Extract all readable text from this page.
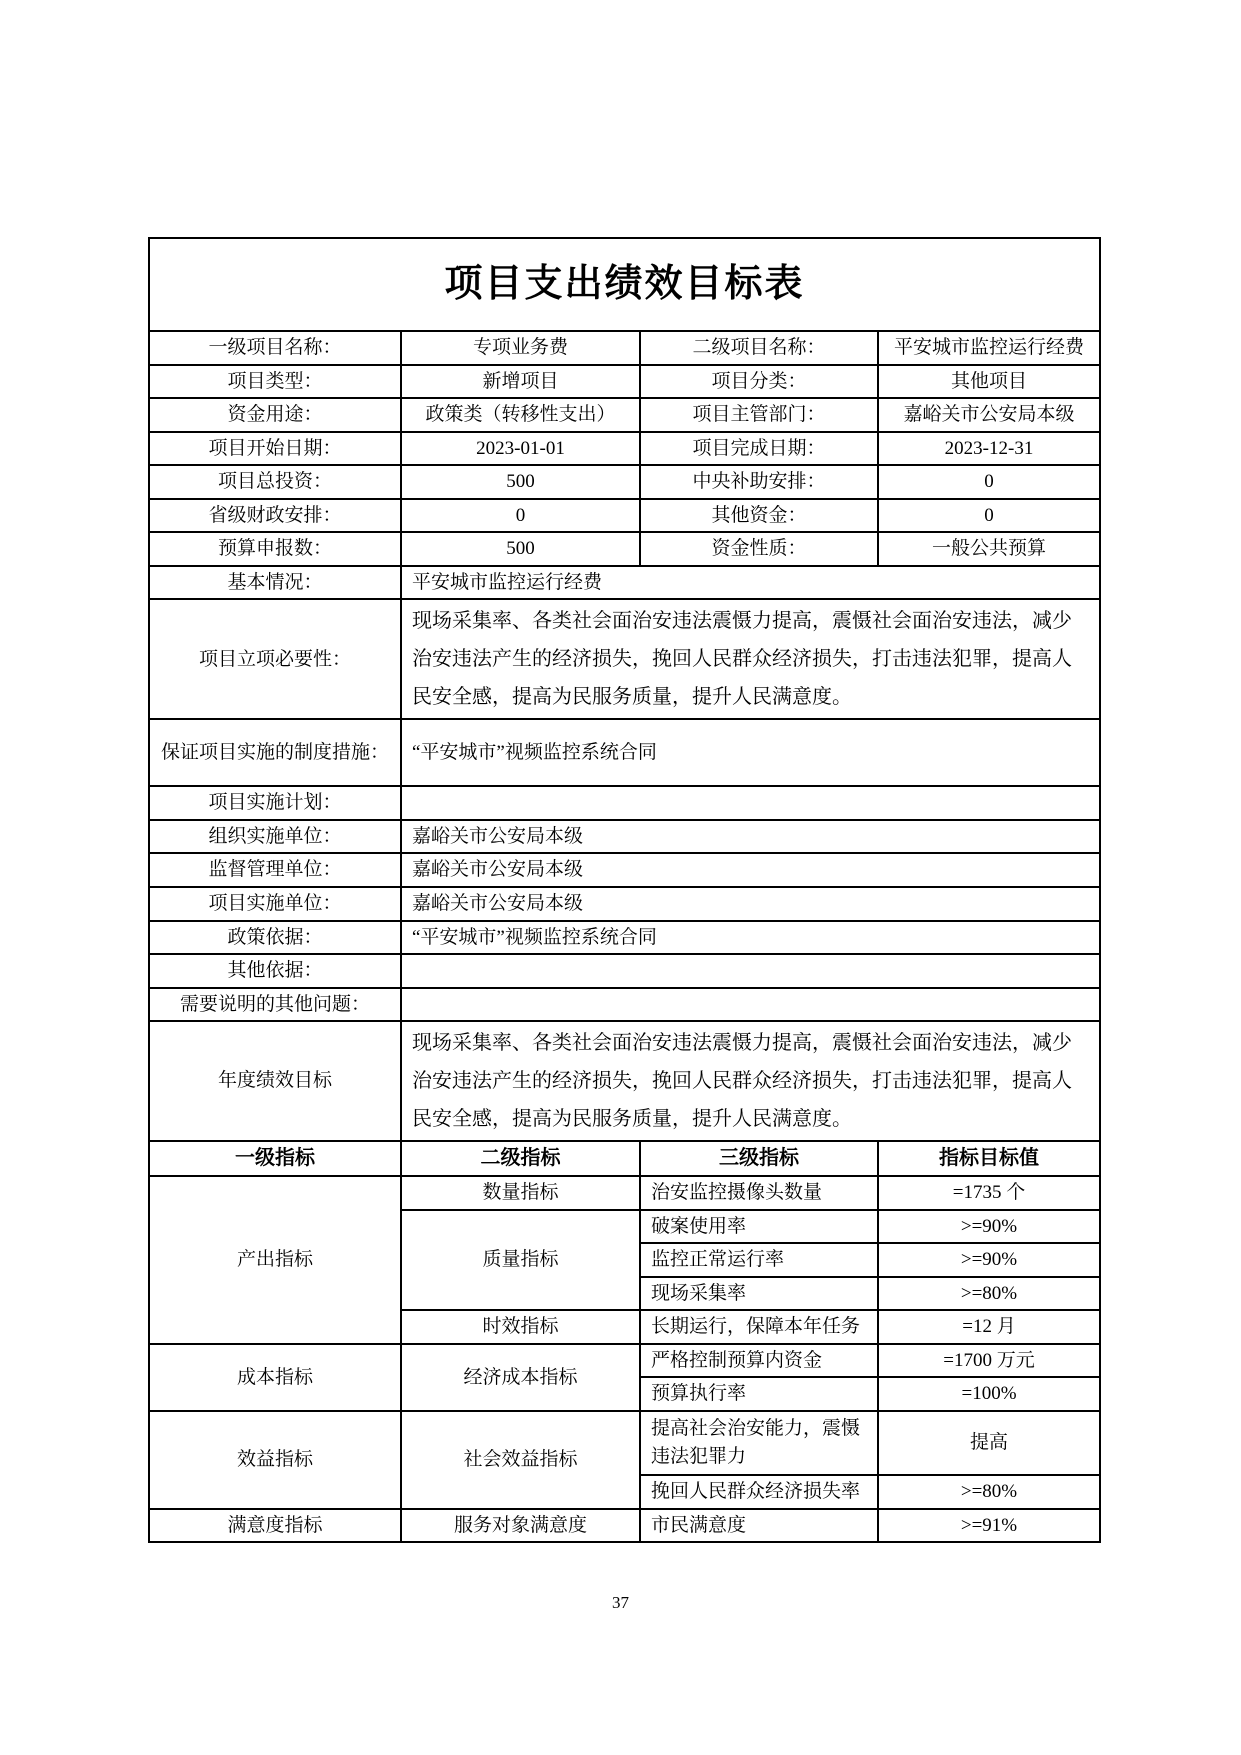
项目支出绩效目标表			
一级项目名称：	专项业务费	二级项目名称：	平安城市监控运行经费
项目类型：	新增项目	项目分类：	其他项目
资金用途：	政策类（转移性支出）	项目主管部门：	嘉峪关市公安局本级
项目开始日期：	2023-01-01	项目完成日期：	2023-12-31
项目总投资：	500	中央补助安排：	0
省级财政安排：	0	其他资金：	0
预算申报数：	500	资金性质：	一般公共预算
基本情况：	平安城市监控运行经费		
项目立项必要性：	现场采集率、各类社会面治安违法震慑力提高，震慑社会面治安违法，减少治安违法产生的经济损失，挽回人民群众经济损失，打击违法犯罪，提高人民安全感，提高为民服务质量，提升人民满意度。		
保证项目实施的制度措施：	“平安城市”视频监控系统合同		
项目实施计划：			
组织实施单位：	嘉峪关市公安局本级		
监督管理单位：	嘉峪关市公安局本级		
项目实施单位：	嘉峪关市公安局本级		
政策依据：	“平安城市”视频监控系统合同		
其他依据：			
需要说明的其他问题：			
年度绩效目标	现场采集率、各类社会面治安违法震慑力提高，震慑社会面治安违法，减少治安违法产生的经济损失，挽回人民群众经济损失，打击违法犯罪，提高人民安全感，提高为民服务质量，提升人民满意度。		
一级指标	二级指标	三级指标	指标目标值
产出指标	数量指标	治安监控摄像头数量	=1735 个
	质量指标	破案使用率	>=90%
		监控正常运行率	>=90%
		现场采集率	>=80%
	时效指标	长期运行，保障本年任务	=12 月
成本指标	经济成本指标	严格控制预算内资金	=1700 万元
		预算执行率	=100%
效益指标	社会效益指标	提高社会治安能力，震慑违法犯罪力	提高
		挽回人民群众经济损失率	>=80%
满意度指标	服务对象满意度	市民满意度	>=91%
37
